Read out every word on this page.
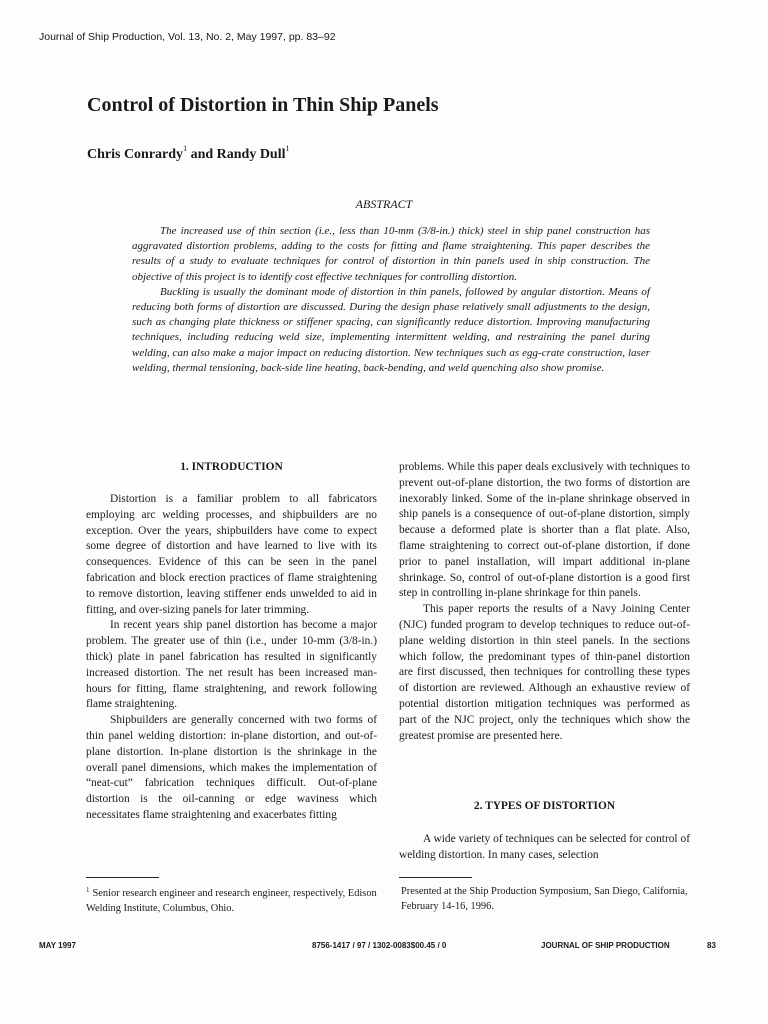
Journal of Ship Production, Vol. 13, No. 2, May 1997, pp. 83–92
Control of Distortion in Thin Ship Panels
Chris Conrardy$^1$ and Randy Dull$^1$
ABSTRACT

The increased use of thin section (i.e., less than 10-mm (3/8-in.) thick) steel in ship panel construction has aggravated distortion problems, adding to the costs for fitting and flame straightening. This paper describes the results of a study to evaluate techniques for control of distortion in thin panels used in ship construction. The objective of this project is to identify cost effective techniques for controlling distortion.

Buckling is usually the dominant mode of distortion in thin panels, followed by angular distortion. Means of reducing both forms of distortion are discussed. During the design phase relatively small adjustments to the design, such as changing plate thickness or stiffener spacing, can significantly reduce distortion. Improving manufacturing techniques, including reducing weld size, implementing intermittent welding, and restraining the panel during welding, can also make a major impact on reducing distortion. New techniques such as egg-crate construction, laser welding, thermal tensioning, back-side line heating, back-bending, and weld quenching also show promise.

1. INTRODUCTION

Distortion is a familiar problem to all fabricators employing arc welding processes, and shipbuilders are no exception. Over the years, shipbuilders have come to expect some degree of distortion and have learned to live with its consequences. Evidence of this can be seen in the panel fabrication and block erection practices of flame straightening to remove distortion, leaving stiffener ends unwelded to aid in fitting, and over-sizing panels for later trimming.

In recent years ship panel distortion has become a major problem. The greater use of thin (i.e., under 10-mm (3/8-in.) thick) plate in panel fabrication has resulted in significantly increased distortion. The net result has been increased man-hours for fitting, flame straightening, and rework following flame straightening.

Shipbuilders are generally concerned with two forms of thin panel welding distortion: in-plane distortion, and out-of-plane distortion. In-plane distortion is the shrinkage in the overall panel dimensions, which makes the implementation of “neat-cut” fabrication techniques difficult. Out-of-plane distortion is the oil-canning or edge waviness which necessitates flame straightening and exacerbates fitting

problems. While this paper deals exclusively with techniques to prevent out-of-plane distortion, the two forms of distortion are inexorably linked. Some of the in-plane shrinkage observed in ship panels is a consequence of out-of-plane distortion, simply because a deformed plate is shorter than a flat plate. Also, flame straightening to correct out-of-plane distortion, if done prior to panel installation, will impart additional in-plane shrinkage. So, control of out-of-plane distortion is a good first step in controlling in-plane shrinkage for thin panels.

This paper reports the results of a Navy Joining Center (NJC) funded program to develop techniques to reduce out-of-plane welding distortion in thin steel panels. In the sections which follow, the predominant types of thin-panel distortion are first discussed, then techniques for controlling these types of distortion are reviewed. Although an exhaustive review of potential distortion mitigation techniques was performed as part of the NJC project, only the techniques which show the greatest promise are presented here.

2. TYPES OF DISTORTION

A wide variety of techniques can be selected for control of welding distortion. In many cases, selection

$^1$ Senior research engineer and research engineer, respectively, Edison Welding Institute, Columbus, Ohio.
Presented at the Ship Production Symposium, San Diego, California, February 14-16, 1996.
MAY 1997	8756-1417 / 97 / 1302-0083$00.45 / 0	JOURNAL OF SHIP PRODUCTION	83
